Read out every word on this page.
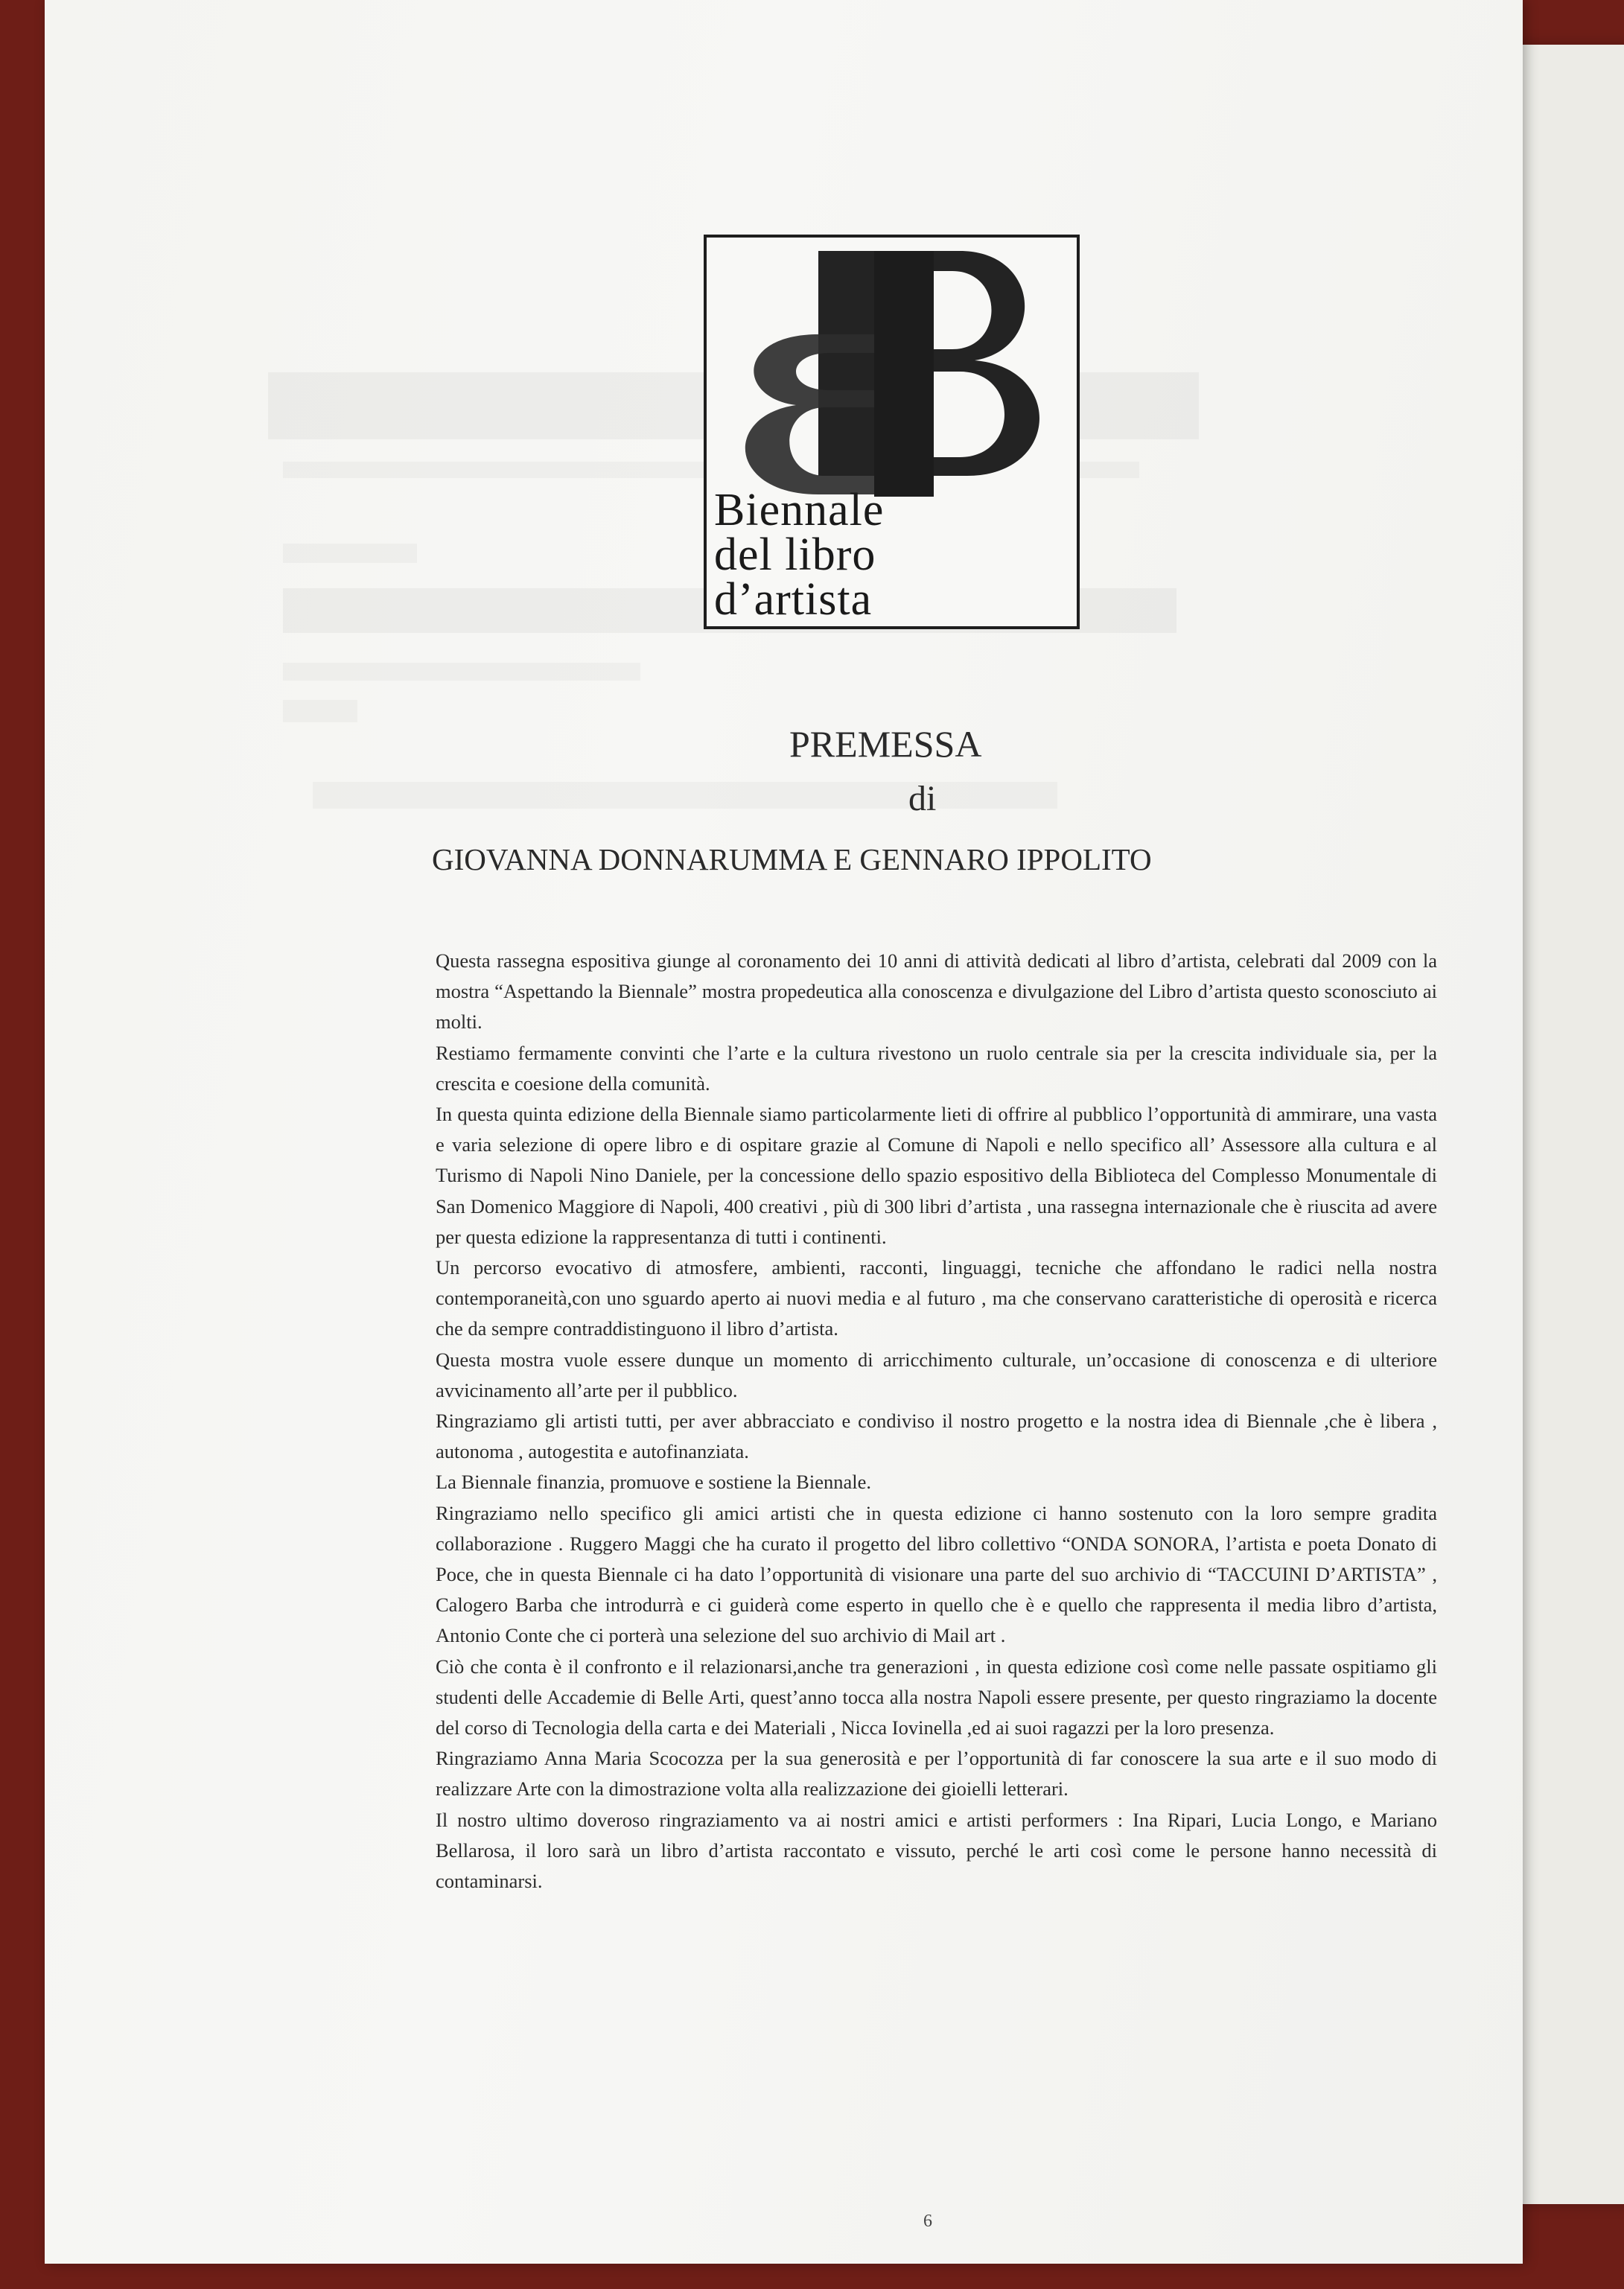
Biennale
del libro
d’artista
PREMESSA
di
GIOVANNA DONNARUMMA E GENNARO IPPOLITO

Questa rassegna espositiva giunge al coronamento dei 10 anni di attività dedicati al libro d’artista, celebrati dal 2009 con la mostra “Aspettando la Biennale” mostra propedeutica alla conoscenza e divulgazione del Libro d’artista questo sconosciuto ai molti.

Restiamo fermamente convinti che l’arte e la cultura rivestono un ruolo centrale sia per la crescita individuale sia, per la crescita e coesione della comunità.

In questa quinta edizione della Biennale siamo particolarmente lieti di offrire al pubblico l’opportunità di ammirare, una vasta e varia selezione di opere libro e di ospitare grazie al Comune di Napoli e nello specifico all’ Assessore alla cultura e al Turismo di Napoli Nino Daniele, per la concessione dello spazio espositivo della Biblioteca del Complesso Monumentale di San Domenico Maggiore di Napoli, 400 creativi , più di 300 libri d’artista , una rassegna internazionale che è riuscita ad avere per questa edizione la rappresentanza di tutti i continenti.

Un percorso evocativo di atmosfere, ambienti, racconti, linguaggi, tecniche che affondano le radici nella nostra contemporaneità,con uno sguardo aperto ai nuovi media e al futuro , ma che conservano caratteristiche di operosità e ricerca che da sempre contraddistinguono il libro d’artista.

Questa mostra vuole essere dunque un momento di arricchimento culturale, un’occasione di conoscenza e di ulteriore avvicinamento all’arte per il pubblico.

Ringraziamo gli artisti tutti, per aver abbracciato e condiviso il nostro progetto e la nostra idea di Biennale ,che è libera , autonoma , autogestita e autofinanziata.

La Biennale finanzia, promuove e sostiene la Biennale.

Ringraziamo nello specifico gli amici artisti che in questa edizione ci hanno sostenuto con la loro sempre gradita collaborazione . Ruggero Maggi che ha curato il progetto del libro collettivo “ONDA SONORA, l’artista e poeta Donato di Poce, che in questa Biennale ci ha dato l’opportunità di visionare una parte del suo archivio di “TACCUINI D’ARTISTA” , Calogero Barba che introdurrà e ci guiderà come esperto in quello che è e quello che rappresenta il media libro d’artista, Antonio Conte che ci porterà una selezione del suo archivio di Mail art .

Ciò che conta è il confronto e il relazionarsi,anche tra generazioni , in questa edizione così come nelle passate ospitiamo gli studenti delle Accademie di Belle Arti, quest’anno tocca alla nostra Napoli essere presente, per questo ringraziamo la docente del corso di Tecnologia della carta e dei Materiali , Nicca Iovinella ,ed ai suoi ragazzi per la loro presenza.

Ringraziamo Anna Maria Scocozza per la sua generosità e per l’opportunità di far conoscere la sua arte e il suo modo di realizzare Arte con la dimostrazione volta alla realizzazione dei gioielli letterari.

Il nostro ultimo doveroso ringraziamento va ai nostri amici e artisti performers : Ina Ripari, Lucia Longo, e Mariano Bellarosa, il loro sarà un libro d’artista raccontato e vissuto, perché le arti così come le persone hanno necessità di contaminarsi.

6
